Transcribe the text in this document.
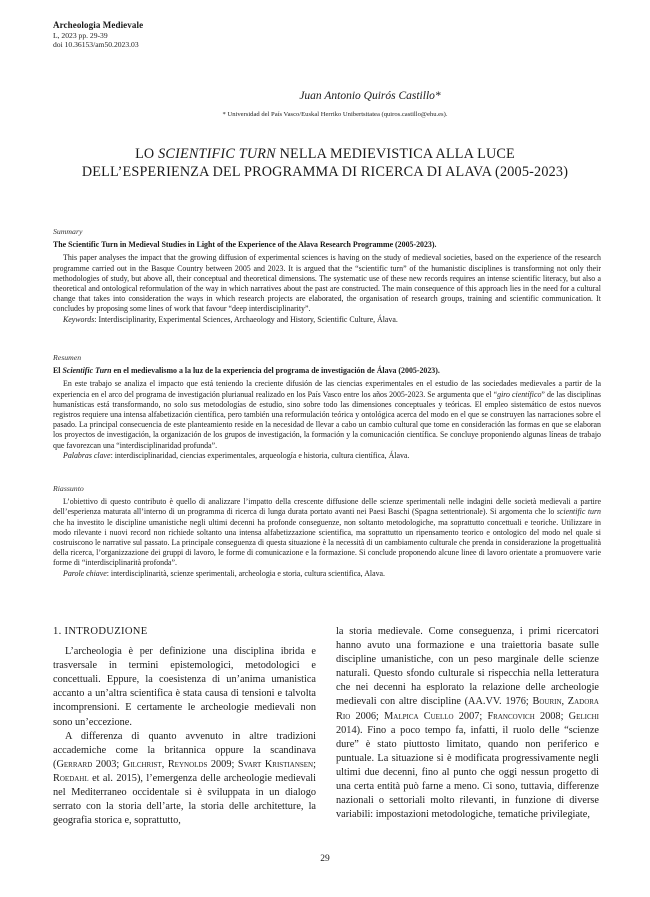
Archeologia Medievale
L, 2023 pp. 29-39
doi 10.36153/am50.2023.03
Juan Antonio Quirós Castillo*
* Universidad del País Vasco/Euskal Herriko Unibertsitatea (quiros.castillo@ehu.es).
LO SCIENTIFIC TURN NELLA MEDIEVISTICA ALLA LUCE
DELL’ESPERIENZA DEL PROGRAMMA DI RICERCA DI ALAVA (2005-2023)
Summary
The Scientific Turn in Medieval Studies in Light of the Experience of the Alava Research Programme (2005-2023).

This paper analyses the impact that the growing diffusion of experimental sciences is having on the study of medieval societies, based on the experience of the research programme carried out in the Basque Country between 2005 and 2023. It is argued that the “scientific turn” of the humanistic disciplines is transforming not only their methodologies of study, but above all, their conceptual and theoretical dimensions. The systematic use of these new records requires an intense scientific literacy, but also a theoretical and ontological reformulation of the way in which narratives about the past are constructed. The main consequence of this approach lies in the need for a cultural change that takes into consideration the ways in which research projects are elaborated, the organisation of research groups, training and scientific communication. It concludes by proposing some lines of work that favour “deep interdisciplinarity”.

Keywords: Interdisciplinarity, Experimental Sciences, Archaeology and History, Scientific Culture, Álava.

Resumen
El Scientific Turn en el medievalismo a la luz de la experiencia del programa de investigación de Álava (2005-2023).

En este trabajo se analiza el impacto que está teniendo la creciente difusión de las ciencias experimentales en el estudio de las sociedades medievales a partir de la experiencia en el arco del programa de investigación plurianual realizado en los País Vasco entre los años 2005-2023. Se argumenta que el “giro científico” de las disciplinas humanísticas está transformando, no solo sus metodologías de estudio, sino sobre todo las dimensiones conceptuales y teóricas. El empleo sistemático de estos nuevos registros requiere una intensa alfabetización científica, pero también una reformulación teórica y ontológica acerca del modo en el que se construyen las narraciones sobre el pasado. La principal consecuencia de este planteamiento reside en la necesidad de llevar a cabo un cambio cultural que tome en consideración las formas en que se elaboran los proyectos de investigación, la organización de los grupos de investigación, la formación y la comunicación científica. Se concluye proponiendo algunas líneas de trabajo que favorezcan una “interdisciplinaridad profunda”.

Palabras clave: interdisciplinaridad, ciencias experimentales, arqueología e historia, cultura científica, Álava.

Riassunto

L’obiettivo di questo contributo è quello di analizzare l’impatto della crescente diffusione delle scienze sperimentali nelle indagini delle società medievali a partire dell’esperienza maturata all’interno di un programma di ricerca di lunga durata portato avanti nei Paesi Baschi (Spagna settentrionale). Si argomenta che lo scientific turn che ha investito le discipline umanistiche negli ultimi decenni ha profonde conseguenze, non soltanto metodologiche, ma soprattutto concettuali e teoriche. Utilizzare in modo rilevante i nuovi record non richiede soltanto una intensa alfabetizzazione scientifica, ma soprattutto un ripensamento teorico e ontologico del modo nel quale si costruiscono le narrative sul passato. La principale conseguenza di questa situazione è la necessità di un cambiamento culturale che prenda in considerazione la progettualità della ricerca, l’organizzazione dei gruppi di lavoro, le forme di comunicazione e la formazione. Si conclude proponendo alcune linee di lavoro orientate a promuovere varie forme di “interdisciplinarità profonda”.

Parole chiave: interdisciplinarità, scienze sperimentali, archeologia e storia, cultura scientifica, Alava.

1. INTRODUZIONE

L’archeologia è per definizione una disciplina ibrida e trasversale in termini epistemologici, metodologici e concettuali. Eppure, la coesistenza di un’anima umanistica accanto a un’altra scientifica è stata causa di tensioni e talvolta incomprensioni. E certamente le archeologie medievali non sono un’eccezione.

A differenza di quanto avvenuto in altre tradizioni accademiche come la britannica oppure la scandinava (Gerrard 2003; Gilchrist, Reynolds 2009; Svart Kristiansen; Roedahl et al. 2015), l’emergenza delle archeologie medievali nel Mediterraneo occidentale si è sviluppata in un dialogo serrato con la storia dell’arte, la storia delle architetture, la geografia storica e, soprattutto,

la storia medievale. Come conseguenza, i primi ricercatori hanno avuto una formazione e una traiettoria basate sulle discipline umanistiche, con un peso marginale delle scienze naturali. Questo sfondo culturale si rispecchia nella letteratura che nei decenni ha esplorato la relazione delle archeologie medievali con altre discipline (AA.VV. 1976; Bourin, Zadora Rio 2006; Malpica Cuello 2007; Francovich 2008; Gelichi 2014). Fino a poco tempo fa, infatti, il ruolo delle “scienze dure” è stato piuttosto limitato, quando non periferico e puntuale. La situazione si è modificata progressivamente negli ultimi due decenni, fino al punto che oggi nessun progetto di una certa entità può farne a meno. Ci sono, tuttavia, differenze nazionali o settoriali molto rilevanti, in funzione di diverse variabili: impostazioni metodologiche, tematiche privilegiate,

29
